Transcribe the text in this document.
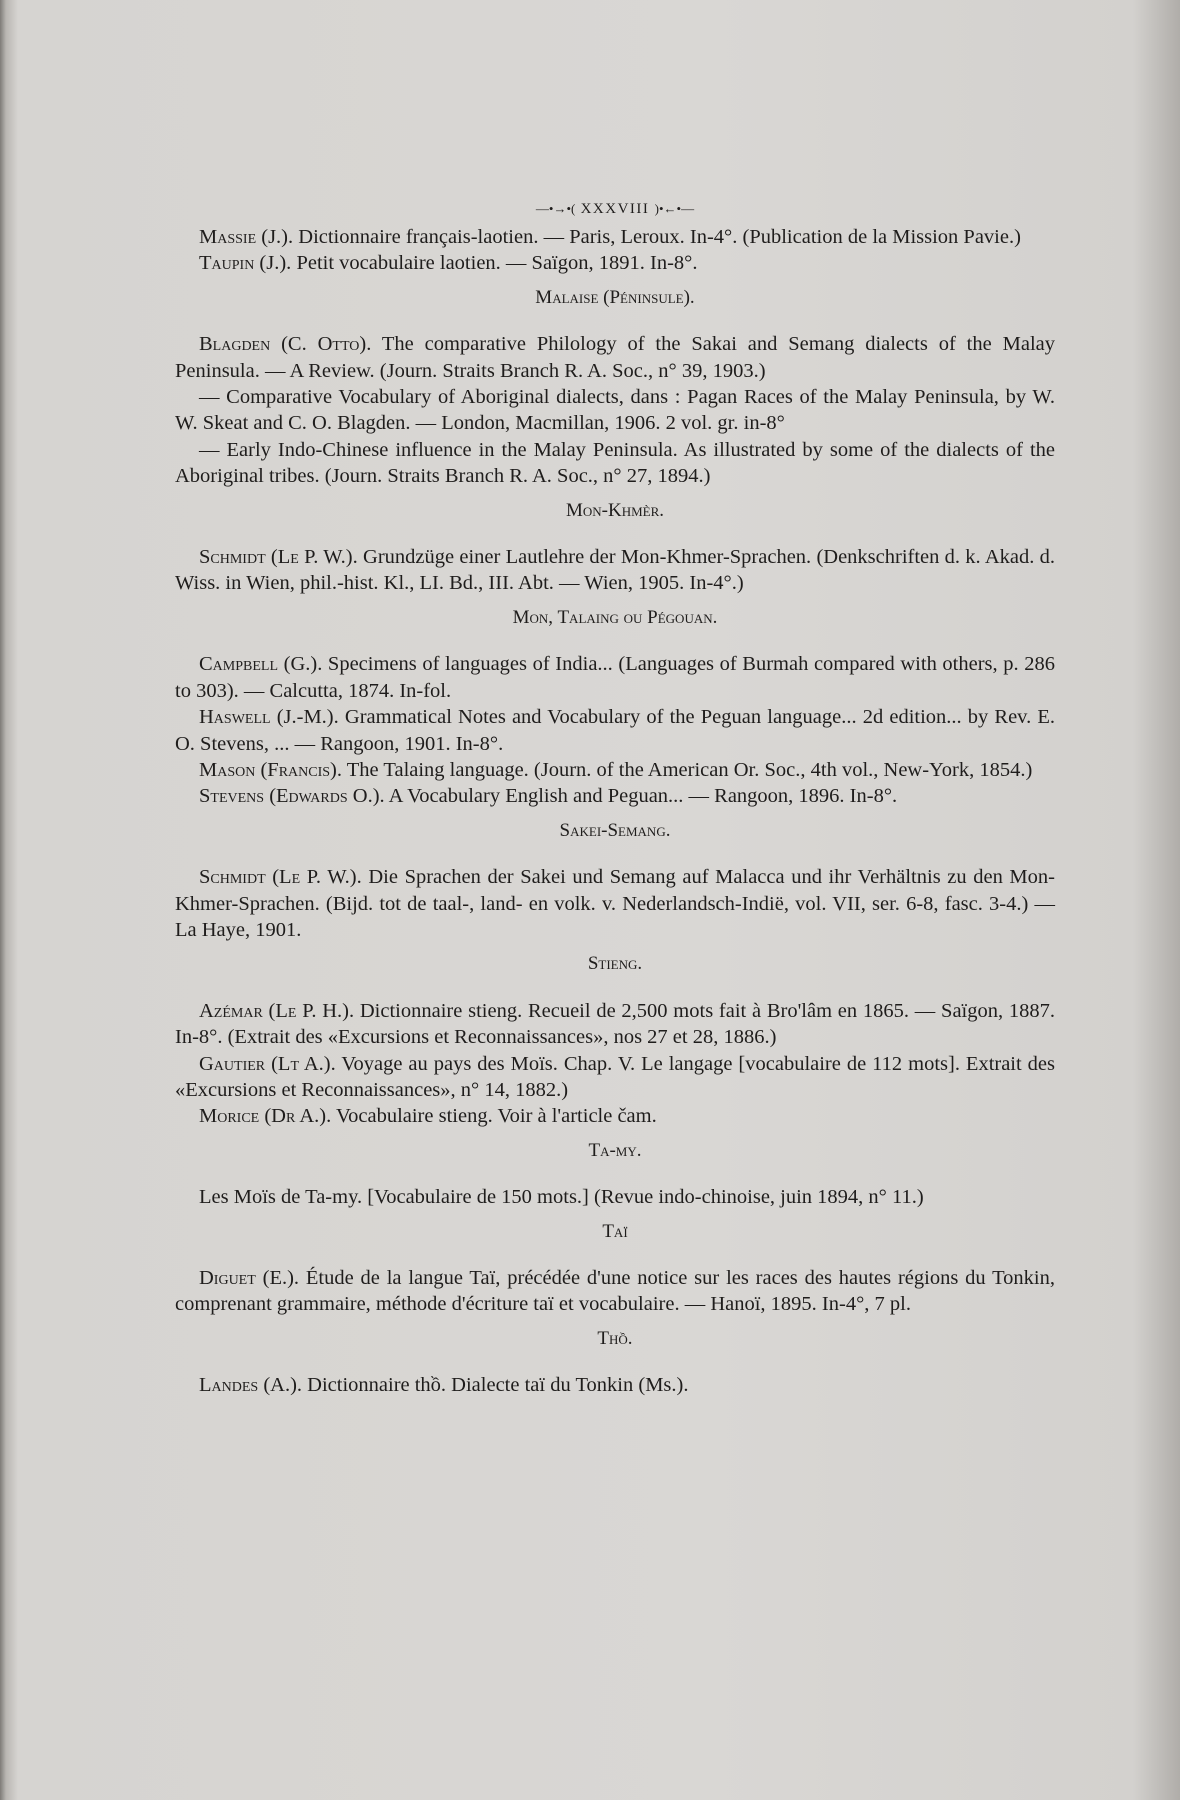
—•→•( XXXVIII )•←•—

Massie (J.). Dictionnaire français-laotien. — Paris, Leroux. In-4°. (Publication de la Mission Pavie.)

Taupin (J.). Petit vocabulaire laotien. — Saïgon, 1891. In-8°.

Malaise (Péninsule).

Blagden (C. Otto). The comparative Philology of the Sakai and Semang dialects of the Malay Peninsula. — A Review. (Journ. Straits Branch R. A. Soc., n° 39, 1903.)

— Comparative Vocabulary of Aboriginal dialects, dans : Pagan Races of the Malay Peninsula, by W. W. Skeat and C. O. Blagden. — London, Macmillan, 1906. 2 vol. gr. in-8°

— Early Indo-Chinese influence in the Malay Peninsula. As illustrated by some of the dialects of the Aboriginal tribes. (Journ. Straits Branch R. A. Soc., n° 27, 1894.)

Mon-Khmèr.

Schmidt (Le P. W.). Grundzüge einer Lautlehre der Mon-Khmer-Sprachen. (Denkschriften d. k. Akad. d. Wiss. in Wien, phil.-hist. Kl., LI. Bd., III. Abt. — Wien, 1905. In-4°.)

Mon, Talaing ou Pégouan.

Campbell (G.). Specimens of languages of India... (Languages of Burmah compared with others, p. 286 to 303). — Calcutta, 1874. In-fol.

Haswell (J.-M.). Grammatical Notes and Vocabulary of the Peguan language... 2d edition... by Rev. E. O. Stevens, ... — Rangoon, 1901. In-8°.

Mason (Francis). The Talaing language. (Journ. of the American Or. Soc., 4th vol., New-York, 1854.)

Stevens (Edwards O.). A Vocabulary English and Peguan... — Rangoon, 1896. In-8°.

Sakei-Semang.

Schmidt (Le P. W.). Die Sprachen der Sakei und Semang auf Malacca und ihr Verhältnis zu den Mon-Khmer-Sprachen. (Bijd. tot de taal-, land- en volk. v. Nederlandsch-Indië, vol. VII, ser. 6-8, fasc. 3-4.) — La Haye, 1901.

Stieng.

Azémar (Le P. H.). Dictionnaire stieng. Recueil de 2,500 mots fait à Bro'lâm en 1865. — Saïgon, 1887. In-8°. (Extrait des «Excursions et Reconnaissances», nos 27 et 28, 1886.)

Gautier (Lt A.). Voyage au pays des Moïs. Chap. V. Le langage [vocabulaire de 112 mots]. Extrait des «Excursions et Reconnaissances», n° 14, 1882.)

Morice (Dr A.). Vocabulaire stieng. Voir à l'article čam.

Ta-my.

Les Moïs de Ta-my. [Vocabulaire de 150 mots.] (Revue indo-chinoise, juin 1894, n° 11.)

Taï

Diguet (E.). Étude de la langue Taï, précédée d'une notice sur les races des hautes régions du Tonkin, comprenant grammaire, méthode d'écriture taï et vocabulaire. — Hanoï, 1895. In-4°, 7 pl.

Thồ.

Landes (A.). Dictionnaire thồ. Dialecte taï du Tonkin (Ms.).
